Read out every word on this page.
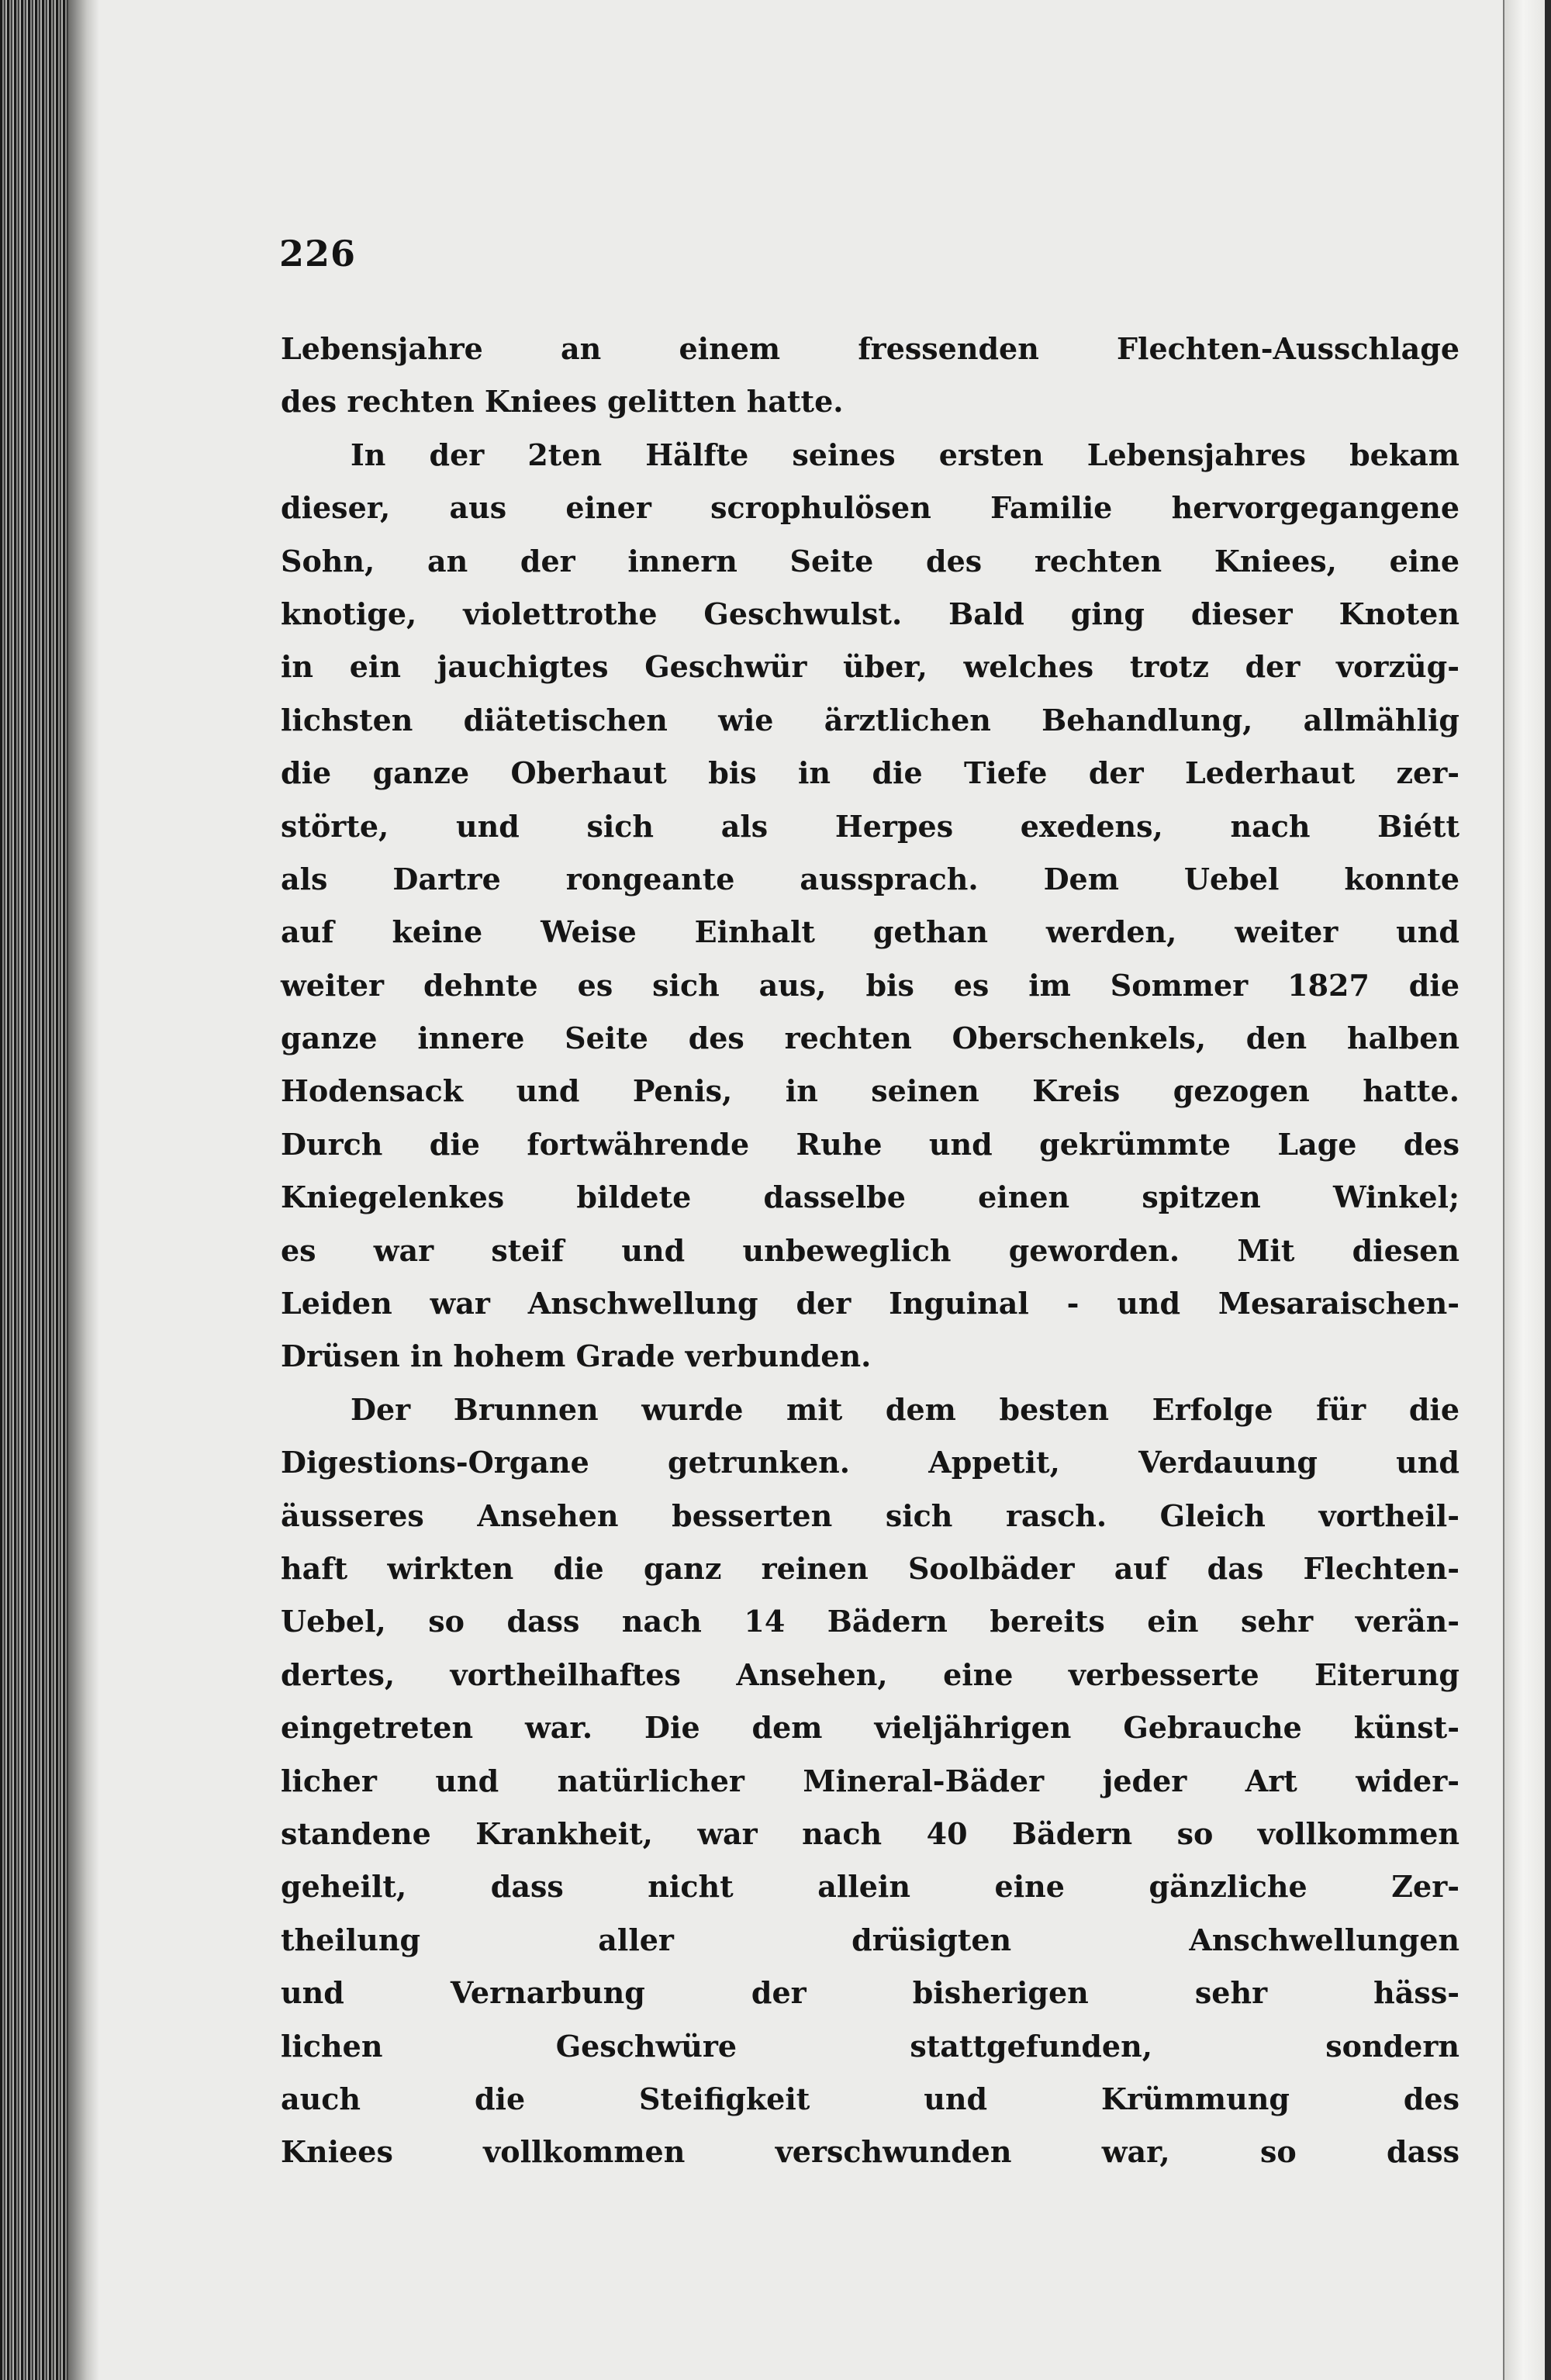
226
Lebensjahre an einem fressenden Flechten-Ausschlage
des rechten Kniees gelitten hatte.
In der 2ten Hälfte seines ersten Lebensjahres bekam
dieser, aus einer scrophulösen Familie hervorgegangene
Sohn, an der innern Seite des rechten Kniees, eine
knotige, violettrothe Geschwulst. Bald ging dieser Knoten
in ein jauchigtes Geschwür über, welches trotz der vorzüg-
lichsten diätetischen wie ärztlichen Behandlung, allmählig
die ganze Oberhaut bis in die Tiefe der Lederhaut zer-
störte, und sich als Herpes exedens, nach Biétt
als Dartre rongeante aussprach. Dem Uebel konnte
auf keine Weise Einhalt gethan werden, weiter und
weiter dehnte es sich aus, bis es im Sommer 1827 die
ganze innere Seite des rechten Oberschenkels, den halben
Hodensack und Penis, in seinen Kreis gezogen hatte.
Durch die fortwährende Ruhe und gekrümmte Lage des
Kniegelenkes bildete dasselbe einen spitzen Winkel;
es war steif und unbeweglich geworden. Mit diesen
Leiden war Anschwellung der Inguinal - und Mesaraischen-
Drüsen in hohem Grade verbunden.
Der Brunnen wurde mit dem besten Erfolge für die
Digestions-Organe getrunken. Appetit, Verdauung und
äusseres Ansehen besserten sich rasch. Gleich vortheil-
haft wirkten die ganz reinen Soolbäder auf das Flechten-
Uebel, so dass nach 14 Bädern bereits ein sehr verän-
dertes, vortheilhaftes Ansehen, eine verbesserte Eiterung
eingetreten war. Die dem vieljährigen Gebrauche künst-
licher und natürlicher Mineral-Bäder jeder Art wider-
standene Krankheit, war nach 40 Bädern so vollkommen
geheilt, dass nicht allein eine gänzliche Zer-
theilung aller drüsigten Anschwellungen
und Vernarbung der bisherigen sehr häss-
lichen Geschwüre stattgefunden, sondern
auch die Steifigkeit und Krümmung des
Kniees vollkommen verschwunden war, so dass
